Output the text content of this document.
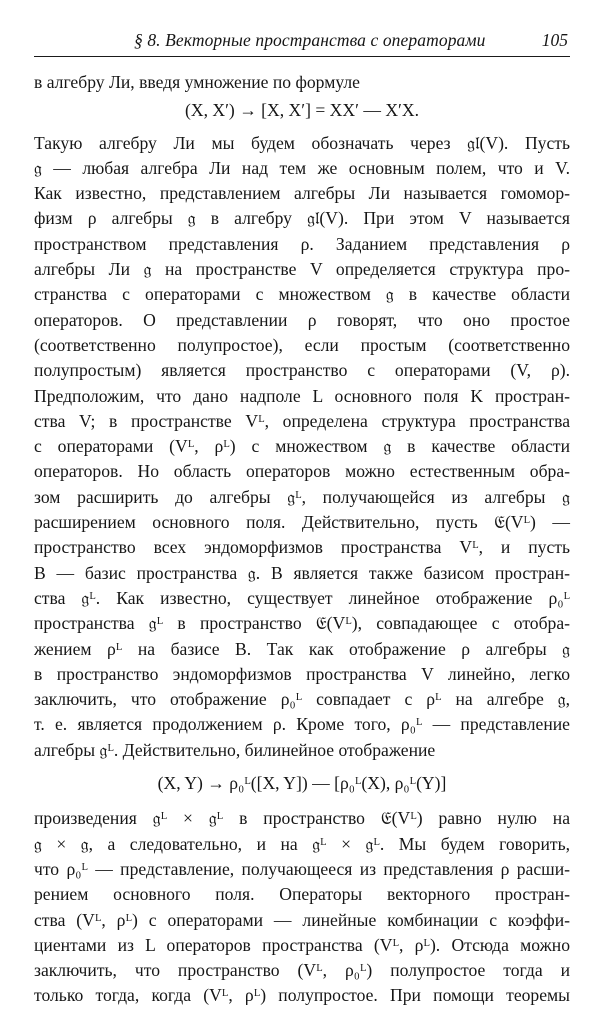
§ 8. Векторные пространства с операторами	105
в алгебру Ли, введя умножение по формуле
(X, X′) → [X, X′] = XX′ — X′X.
Такую алгебру Ли мы будем обозначать через 𝔤𝔩(V). Пусть
𝔤 — любая алгебра Ли над тем же основным полем, что и V.
Как известно, представлением алгебры Ли называется гомомор-
физм ρ алгебры 𝔤 в алгебру 𝔤𝔩(V). При этом V называется
пространством представления ρ. Заданием представления ρ
алгебры Ли 𝔤 на пространстве V определяется структура про-
странства с операторами с множеством 𝔤 в качестве области
операторов. О представлении ρ говорят, что оно простое
(соответственно полупростое), если простым (соответственно
полупростым) является пространство с операторами (V, ρ).
Предположим, что дано надполе L основного поля K простран-
ства V; в пространстве Vᴸ, определена структура пространства
с операторами (Vᴸ, ρᴸ) с множеством 𝔤 в качестве области
операторов. Но область операторов можно естественным обра-
зом расширить до алгебры 𝔤ᴸ, получающейся из алгебры 𝔤
расширением основного поля. Действительно, пусть 𝔈(Vᴸ) —
пространство всех эндоморфизмов пространства Vᴸ, и пусть
B — базис пространства 𝔤. B является также базисом простран-
ства 𝔤ᴸ. Как известно, существует линейное отображение ρ₀ᴸ
пространства 𝔤ᴸ в пространство 𝔈(Vᴸ), совпадающее с отобра-
жением ρᴸ на базисе B. Так как отображение ρ алгебры 𝔤
в пространство эндоморфизмов пространства V линейно, легко
заключить, что отображение ρ₀ᴸ совпадает с ρᴸ на алгебре 𝔤,
т. е. является продолжением ρ. Кроме того, ρ₀ᴸ — представление
алгебры 𝔤ᴸ. Действительно, билинейное отображение
(X, Y) → ρ₀ᴸ([X, Y]) — [ρ₀ᴸ(X), ρ₀ᴸ(Y)]
произведения 𝔤ᴸ × 𝔤ᴸ в пространство 𝔈(Vᴸ) равно нулю на
𝔤 × 𝔤, а следовательно, и на 𝔤ᴸ × 𝔤ᴸ. Мы будем говорить,
что ρ₀ᴸ — представление, получающееся из представления ρ расши-
рением основного поля. Операторы векторного простран-
ства (Vᴸ, ρᴸ) с операторами — линейные комбинации с коэффи-
циентами из L операторов пространства (Vᴸ, ρᴸ). Отсюда можно
заключить, что пространство (Vᴸ, ρ₀ᴸ) полупростое тогда и
только тогда, когда (Vᴸ, ρᴸ) полупростое. При помощи теоремы
